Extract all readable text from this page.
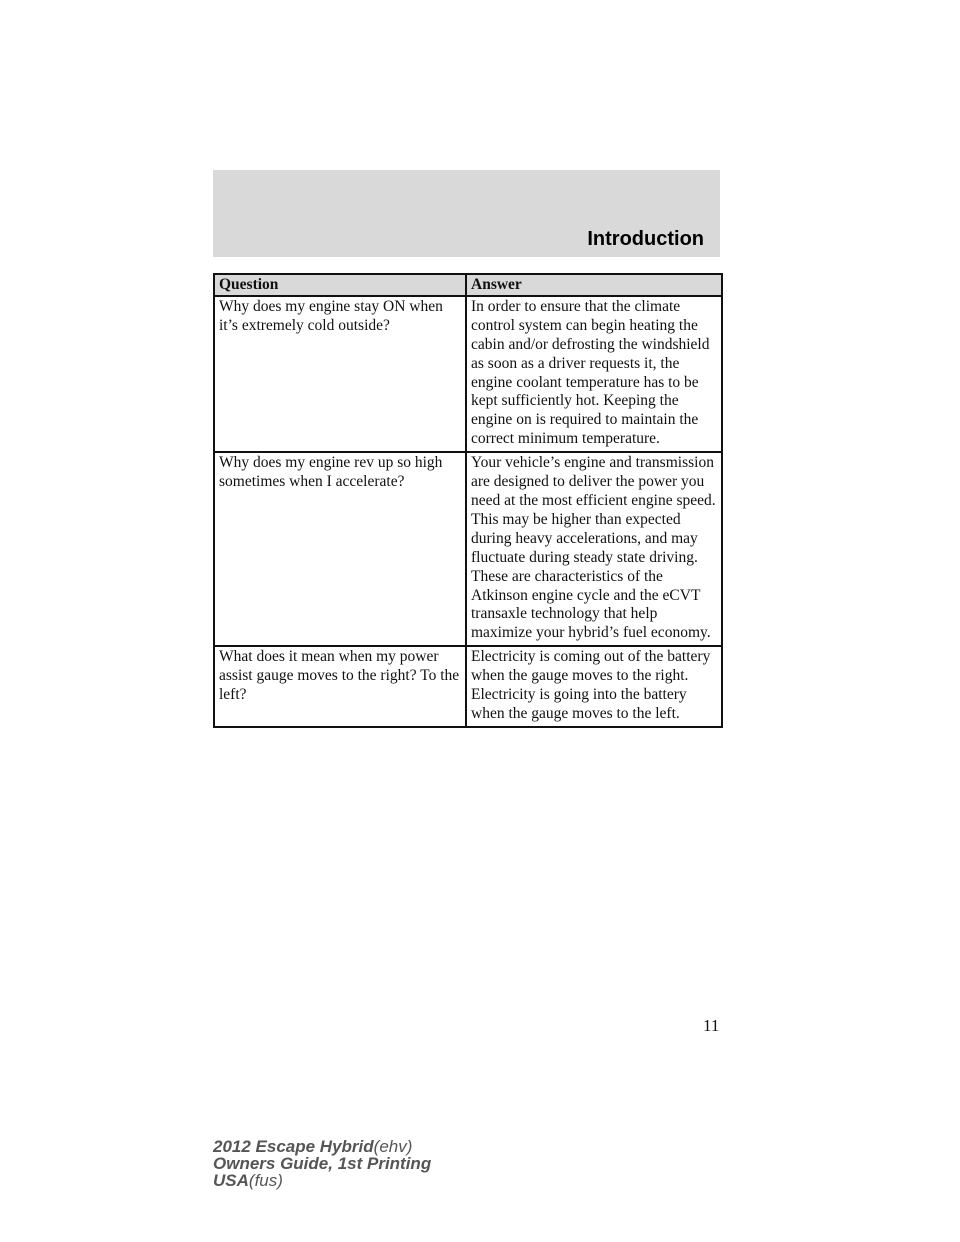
Introduction
Question	Answer
Why does my engine stay ON when it’s extremely cold outside?	In order to ensure that the climate control system can begin heating the cabin and/or defrosting the windshield as soon as a driver requests it, the engine coolant temperature has to be kept sufficiently hot. Keeping the engine on is required to maintain the correct minimum temperature.
Why does my engine rev up so high sometimes when I accelerate?	Your vehicle’s engine and transmission are designed to deliver the power you need at the most efficient engine speed. This may be higher than expected during heavy accelerations, and may fluctuate during steady state driving. These are characteristics of the Atkinson engine cycle and the eCVT transaxle technology that help maximize your hybrid’s fuel economy.
What does it mean when my power assist gauge moves to the right? To the left?	Electricity is coming out of the battery when the gauge moves to the right. Electricity is going into the battery when the gauge moves to the left.
11
2012 Escape Hybrid(ehv)
Owners Guide, 1st Printing
USA(fus)
